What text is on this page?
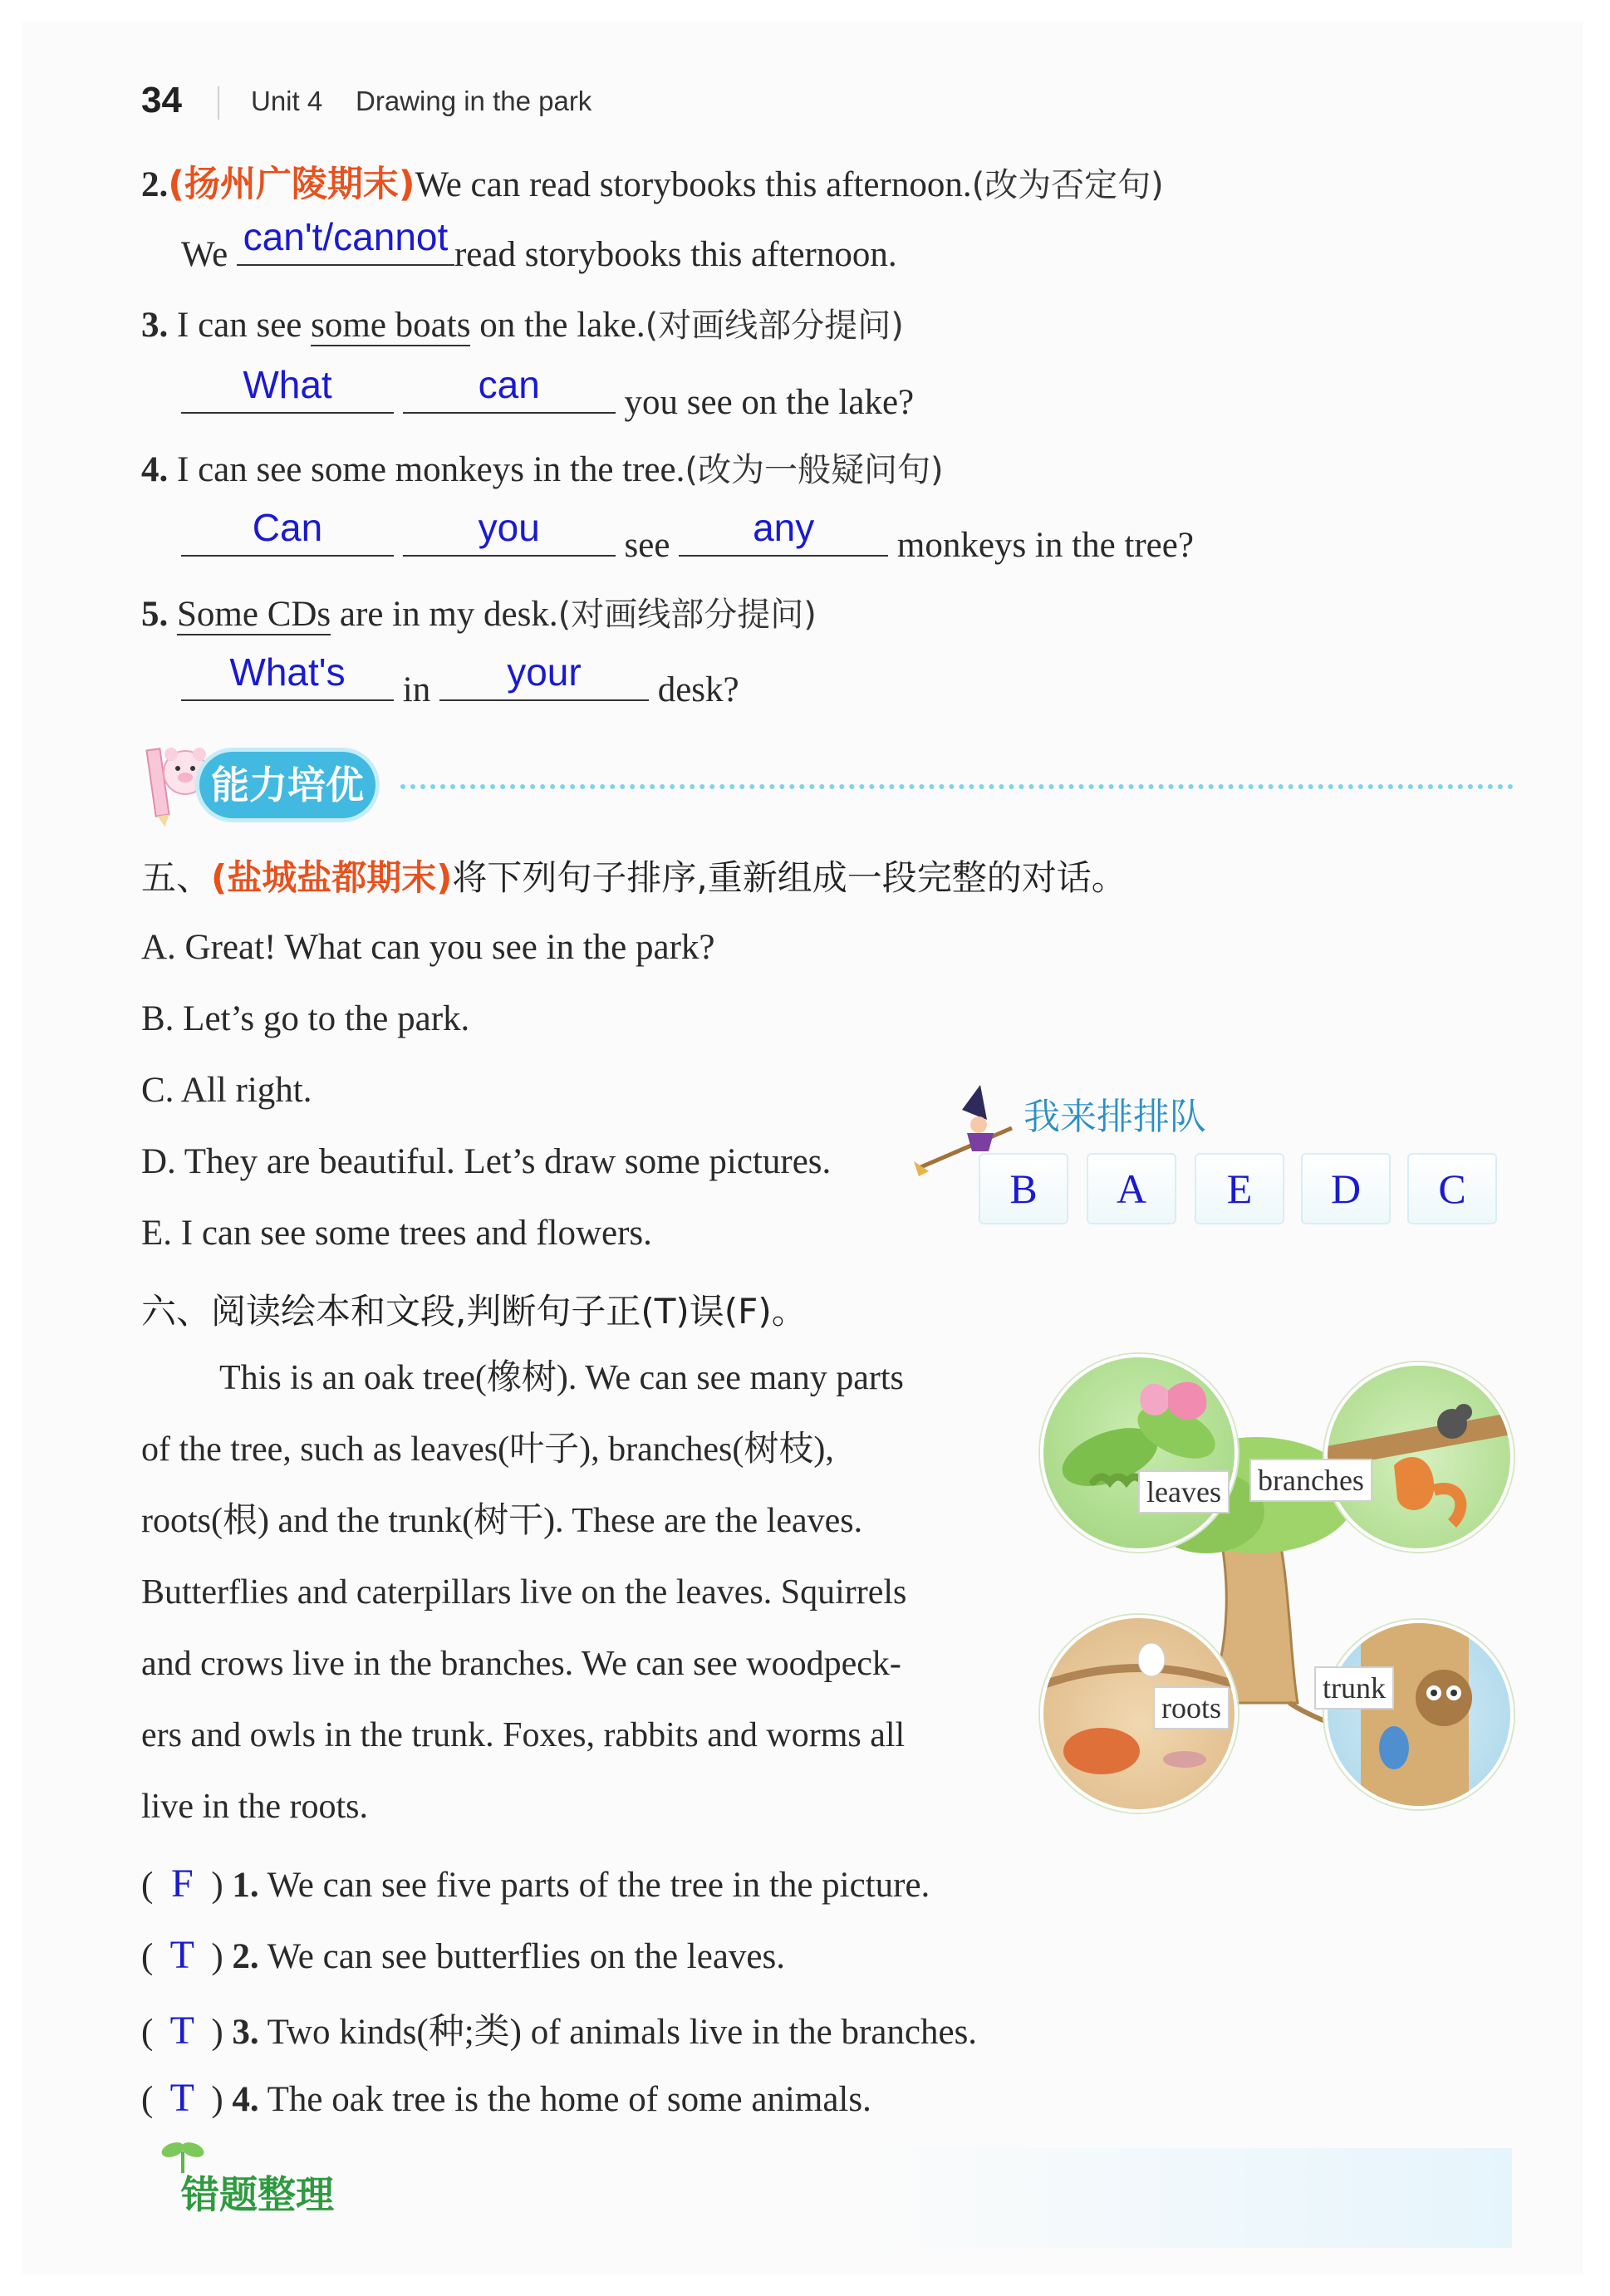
34	Unit 4 Drawing in the park
2.(扬州广陵期末)We can read storybooks this afternoon.(改为否定句)
We can't/cannot read storybooks this afternoon.
3. I can see some boats on the lake.(对画线部分提问)
What
	can	you see on the lake?
4. I can see some monkeys in the tree.(改为一般疑问句)
Can
	you	see	any	monkeys in the tree?
5. Some CDs are in my desk.(对画线部分提问)
What's	in	your	desk?
能力培优
五、(盐城盐都期末)将下列句子排序,重新组成一段完整的对话。
A. Great! What can you see in the park?
B. Let’s go to the park.
C. All right.
D. They are beautiful. Let’s draw some pictures.
E. I can see some trees and flowers.
我来排排队
B	A	E	D	C
六、阅读绘本和文段,判断句子正(T)误(F)。
This is an oak tree(橡树). We can see many parts
of the tree, such as leaves(叶子), branches(树枝),
roots(根) and the trunk(树干). These are the leaves.
Butterflies and caterpillars live on the leaves. Squirrels
and crows live in the branches. We can see woodpeck-
ers and owls in the trunk. Foxes, rabbits and worms all
live in the roots.
leaves branches
roots
trunk
( F ) 1. We can see five parts of the tree in the picture.
( T ) 2. We can see butterflies on the leaves.
( T ) 3. Two kinds(种;类) of animals live in the branches.
( T ) 4. The oak tree is the home of some animals.
错题整理
